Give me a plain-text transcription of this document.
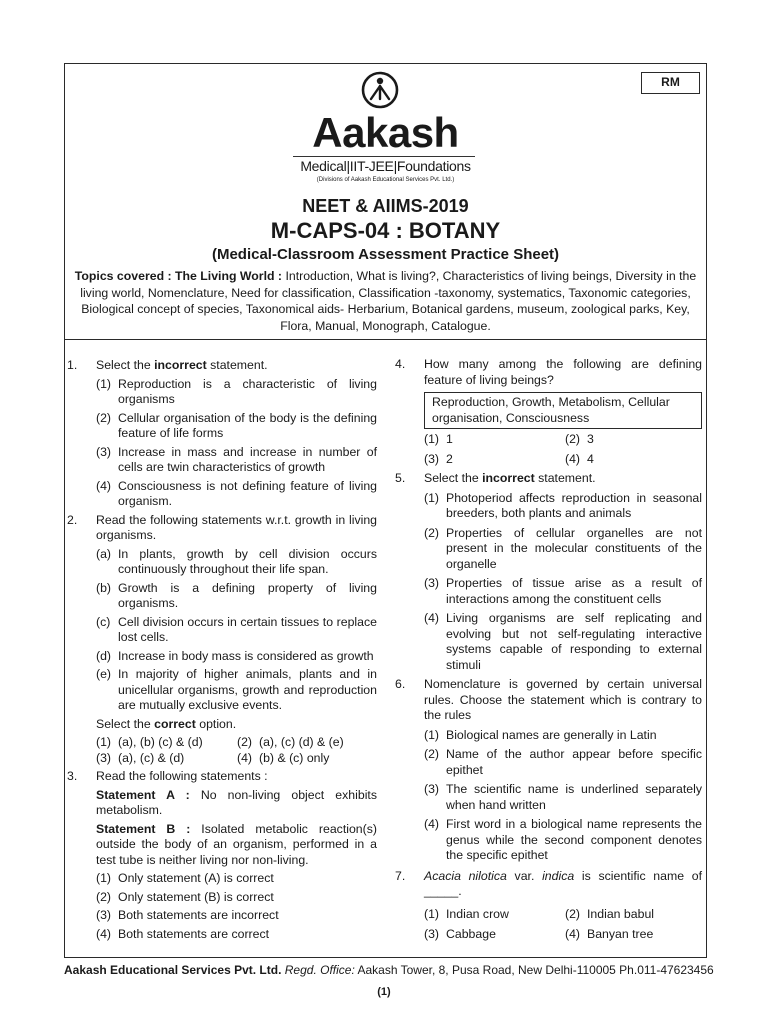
RM
Aakash
Medical|IIT-JEE|Foundations
(Divisions of Aakash Educational Services Pvt. Ltd.)
NEET & AIIMS-2019
M-CAPS-04 : BOTANY
(Medical-Classroom Assessment Practice Sheet)
Topics covered : The Living World : Introduction, What is living?, Characteristics of living beings, Diversity in the living world, Nomenclature, Need for classification, Classification -taxonomy, systematics, Taxonomic categories, Biological concept of species, Taxonomical aids- Herbarium, Botanical gardens, museum, zoological parks, Key, Flora, Manual, Monograph, Catalogue.
1. Select the incorrect statement.
(1) Reproduction is a characteristic of living organisms
(2) Cellular organisation of the body is the defining feature of life forms
(3) Increase in mass and increase in number of cells are twin characteristics of growth
(4) Consciousness is not defining feature of living organism.
2. Read the following statements w.r.t. growth in living organisms.
(a) In plants, growth by cell division occurs continuously throughout their life span.
(b) Growth is a defining property of living organisms.
(c) Cell division occurs in certain tissues to replace lost cells.
(d) Increase in body mass is considered as growth
(e) In majority of higher animals, plants and in unicellular organisms, growth and reproduction are mutually exclusive events.
Select the correct option.
(1) (a), (b) (c) & (d)	(2) (a), (c) (d) & (e)
(3) (a), (c) & (d)	(4) (b) & (c) only
3. Read the following statements :
Statement A : No non-living object exhibits metabolism.
Statement B : Isolated metabolic reaction(s) outside the body of an organism, performed in a test tube is neither living nor non-living.
(1) Only statement (A) is correct
(2) Only statement (B) is correct
(3) Both statements are incorrect
(4) Both statements are correct
4. How many among the following are defining feature of living beings?
Reproduction, Growth, Metabolism, Cellular organisation, Consciousness
(1) 1	(2) 3
(3) 2	(4) 4
5. Select the incorrect statement.
(1) Photoperiod affects reproduction in seasonal breeders, both plants and animals
(2) Properties of cellular organelles are not present in the molecular constituents of the organelle
(3) Properties of tissue arise as a result of interactions among the constituent cells
(4) Living organisms are self replicating and evolving but not self-regulating interactive systems capable of responding to external stimuli
6. Nomenclature is governed by certain universal rules. Choose the statement which is contrary to the rules
(1) Biological names are generally in Latin
(2) Name of the author appear before specific epithet
(3) The scientific name is underlined separately when hand written
(4) First word in a biological name represents the genus while the second component denotes the specific epithet
7. Acacia nilotica var. indica is scientific name of _____.
(1) Indian crow	(2) Indian babul
(3) Cabbage	(4) Banyan tree
Aakash Educational Services Pvt. Ltd. Regd. Office: Aakash Tower, 8, Pusa Road, New Delhi-110005 Ph.011-47623456
(1)
